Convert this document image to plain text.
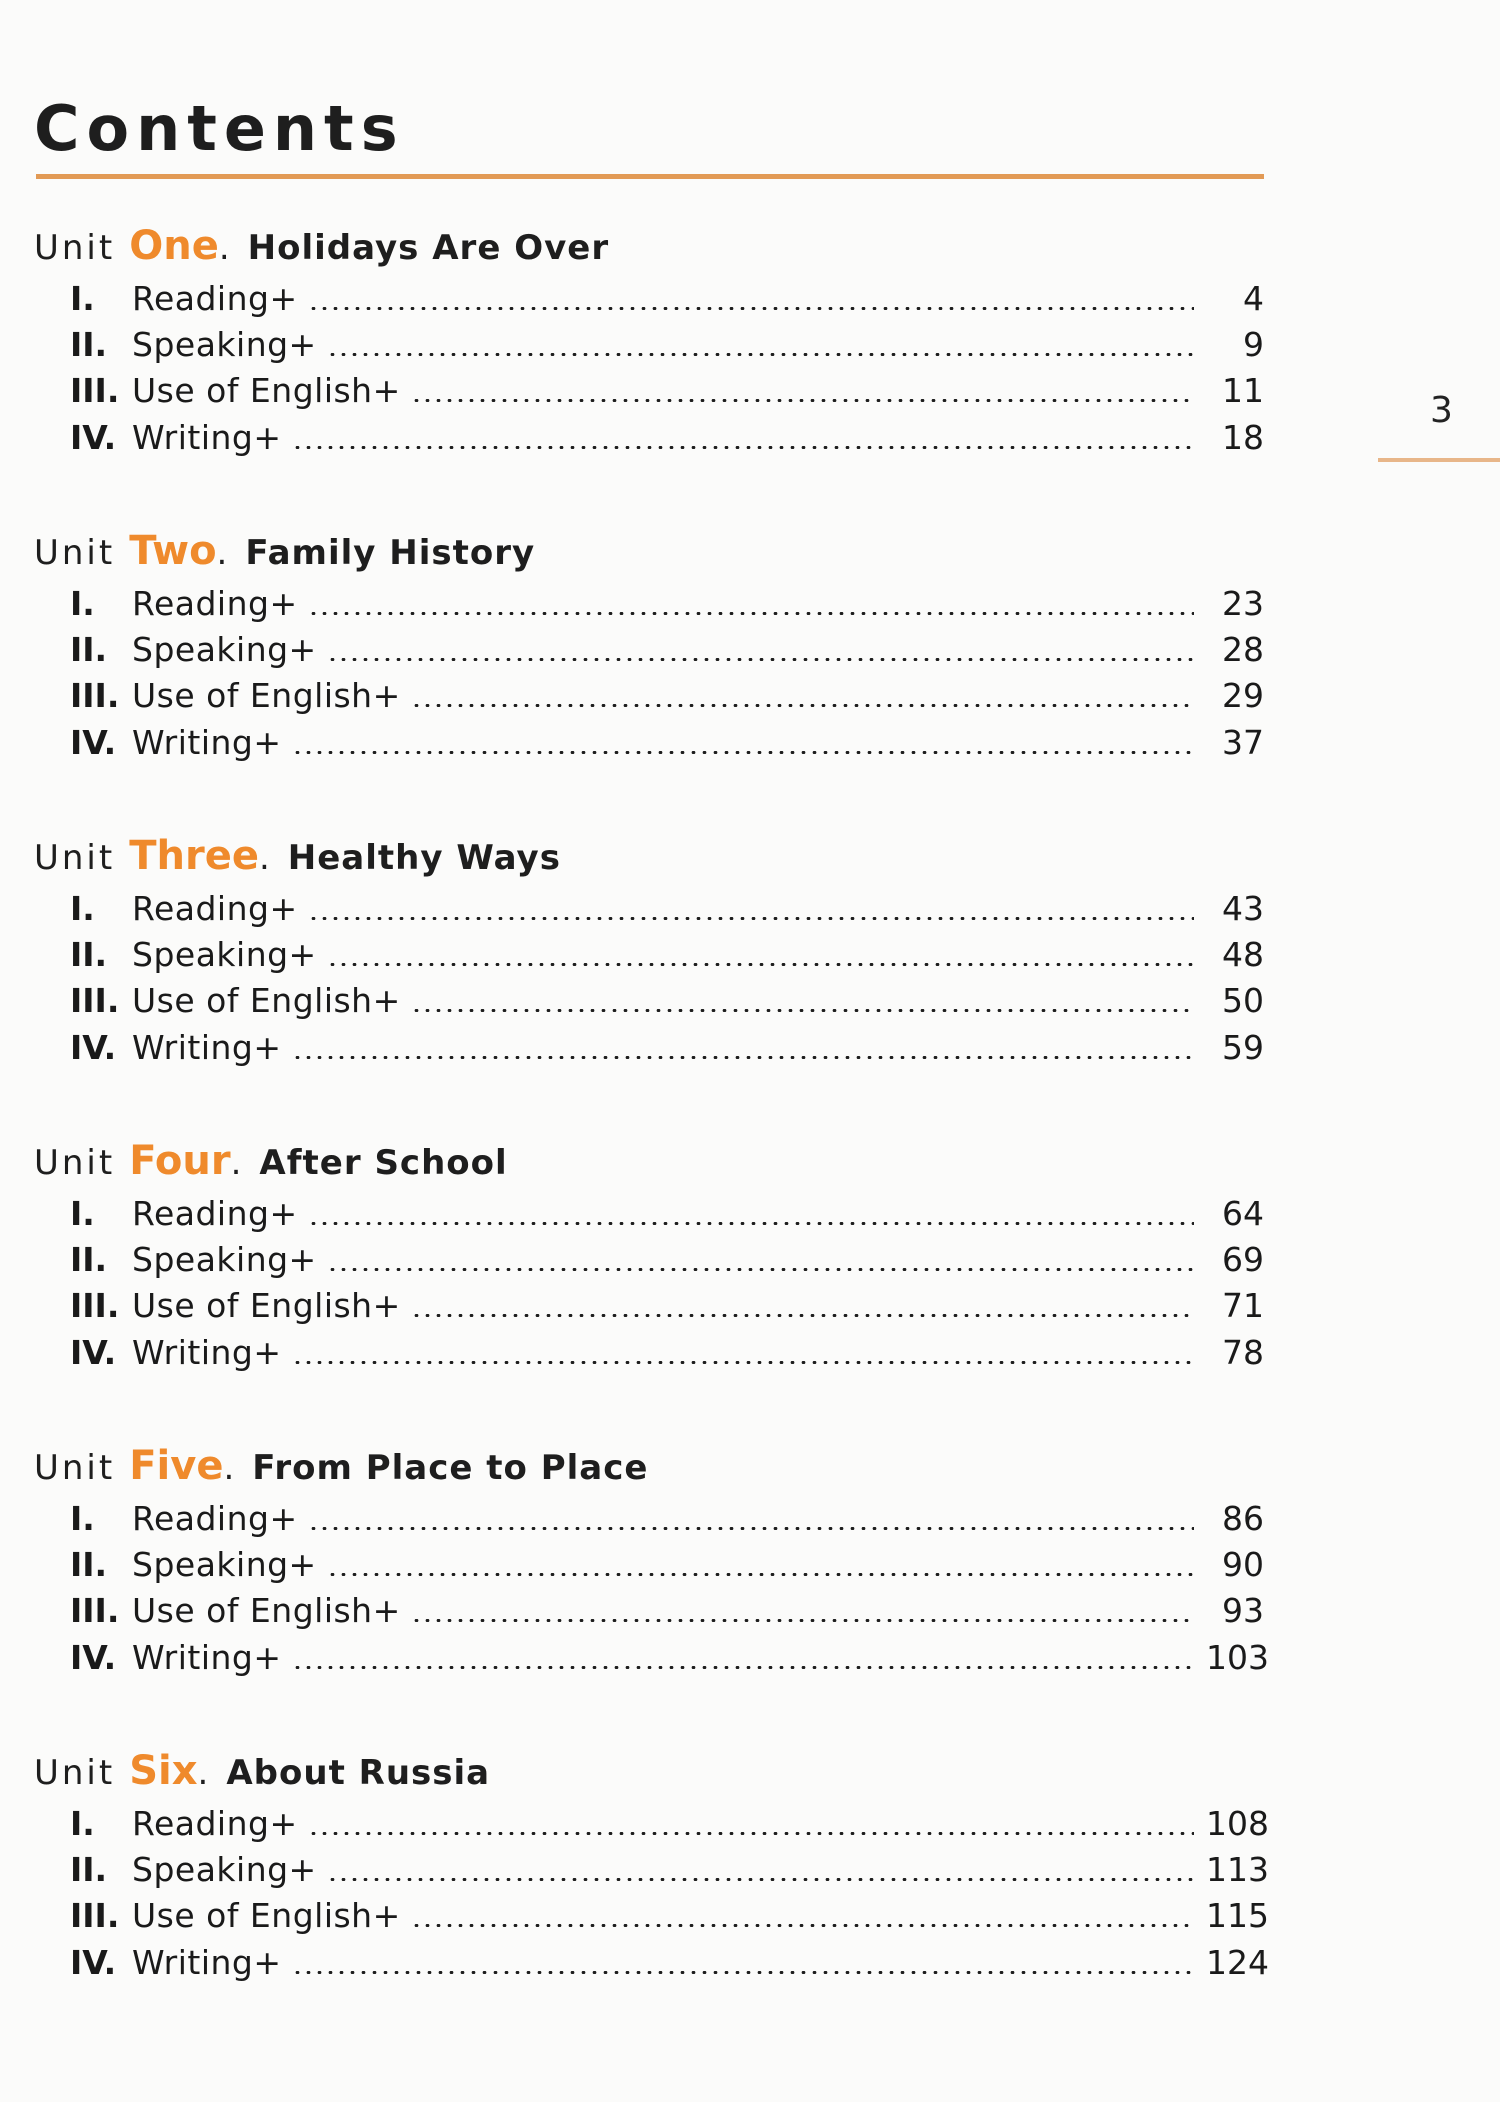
Contents
3
Unit One . Holidays Are Over
I.	Reading+	4
II. Speaking+	9
III. Use of English+	11
IV. Writing+	18
Unit Two . Family History
I.	Reading+	23
II. Speaking+	28
III. Use of English+	29
IV. Writing+	37
Unit Three . Healthy Ways
I.	Reading+	43
II. Speaking+	48
III. Use of English+	50
IV. Writing+	59
Unit Four . After School
I.	Reading+	64
II. Speaking+	69
III. Use of English+	71
IV. Writing+	78
Unit Five . From Place to Place
I.	Reading+	86
II. Speaking+	90
III. Use of English+	93
IV. Writing+	103
Unit Six . About Russia
I.	Reading+	108
II. Speaking+	113
III. Use of English+	115
IV. Writing+	124
